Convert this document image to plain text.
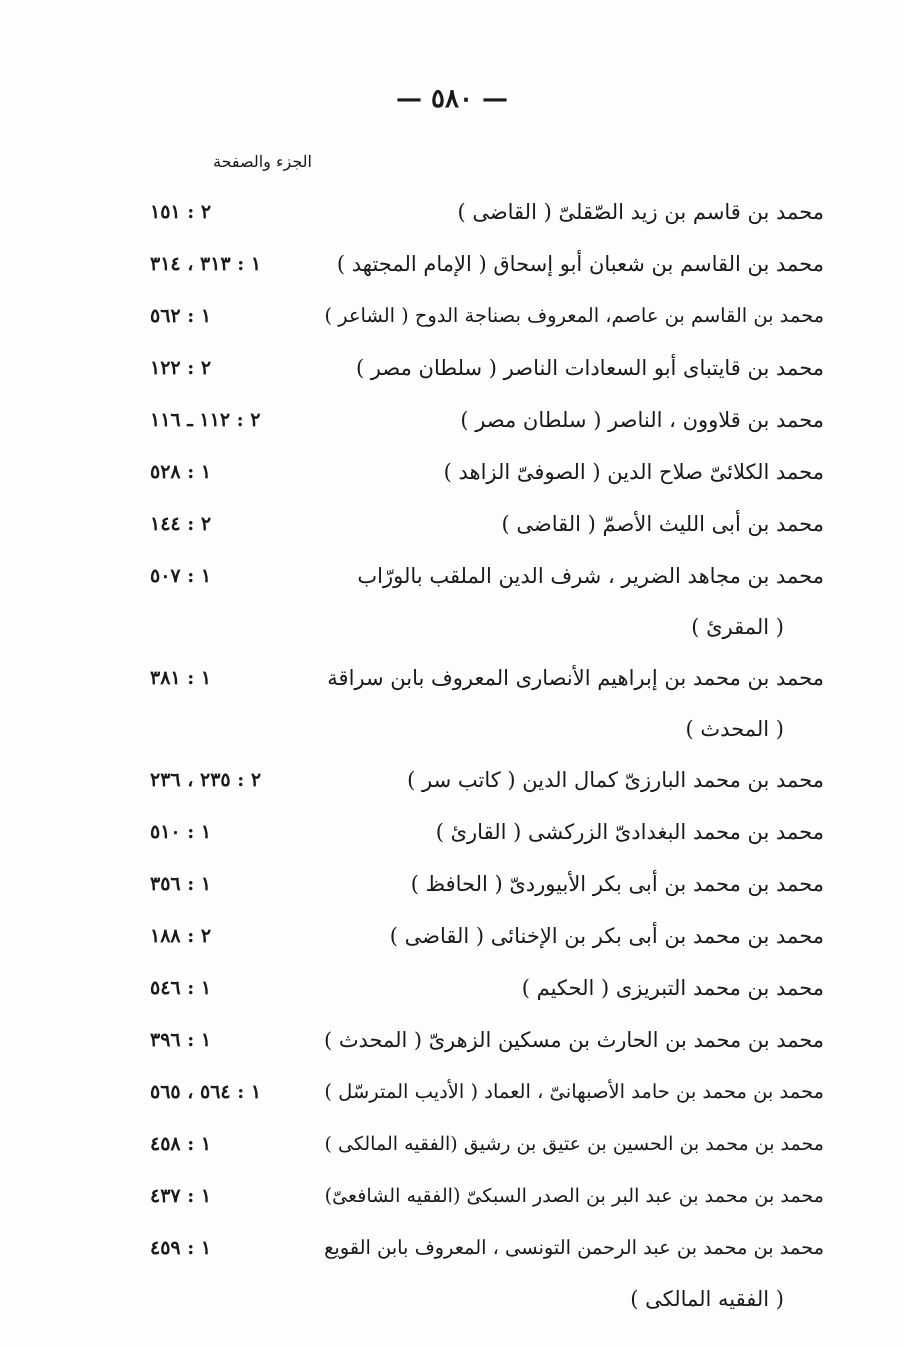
— ٥٨٠ —
الجزء والصفحة
محمد بن قاسم بن زيد الصّقلىّ ( القاضى )
٢ : ١٥١
محمد بن القاسم بن شعبان أبو إسحاق ( الإمام المجتهد )
١ : ٣١٣ ، ٣١٤
محمد بن القاسم بن عاصم، المعروف بصناجة الدوح ( الشاعر )
١ : ٥٦٢
محمد بن قايتباى أبو السعادات الناصر ( سلطان مصر )
٢ : ١٢٢
محمد بن قلاوون ، الناصر ( سلطان مصر )
٢ : ١١٢ ـ ١١٦
محمد الكلائىّ صلاح الدين ( الصوفىّ الزاهد )
١ : ٥٢٨
محمد بن أبى الليث الأصمّ ( القاضى )
٢ : ١٤٤
محمد بن مجاهد الضرير ، شرف الدين الملقب بالورّاب
١ : ٥٠٧
( المقرئ )
محمد بن محمد بن إبراهيم الأنصارى المعروف بابن سراقة
١ : ٣٨١
( المحدث )
محمد بن محمد البارزىّ كمال الدين ( كاتب سر )
٢ : ٢٣٥ ، ٢٣٦
محمد بن محمد البغدادىّ الزركشى ( القارئ )
١ : ٥١٠
محمد بن محمد بن أبى بكر الأبيوردىّ ( الحافظ )
١ : ٣٥٦
محمد بن محمد بن أبى بكر بن الإخنائى ( القاضى )
٢ : ١٨٨
محمد بن محمد التبريزى ( الحكيم )
١ : ٥٤٦
محمد بن محمد بن الحارث بن مسكين الزهرىّ ( المحدث )
١ : ٣٩٦
محمد بن محمد بن حامد الأصبهانىّ ، العماد ( الأديب المترسّل )
١ : ٥٦٤ ، ٥٦٥
محمد بن محمد بن الحسين بن عتيق بن رشيق (الفقيه المالكى )
١ : ٤٥٨
محمد بن محمد بن عبد البر بن الصدر السبكىّ (الفقيه الشافعىّ)
١ : ٤٣٧
محمد بن محمد بن عبد الرحمن التونسى ، المعروف بابن القويع
١ : ٤٥٩
( الفقيه المالكى )
